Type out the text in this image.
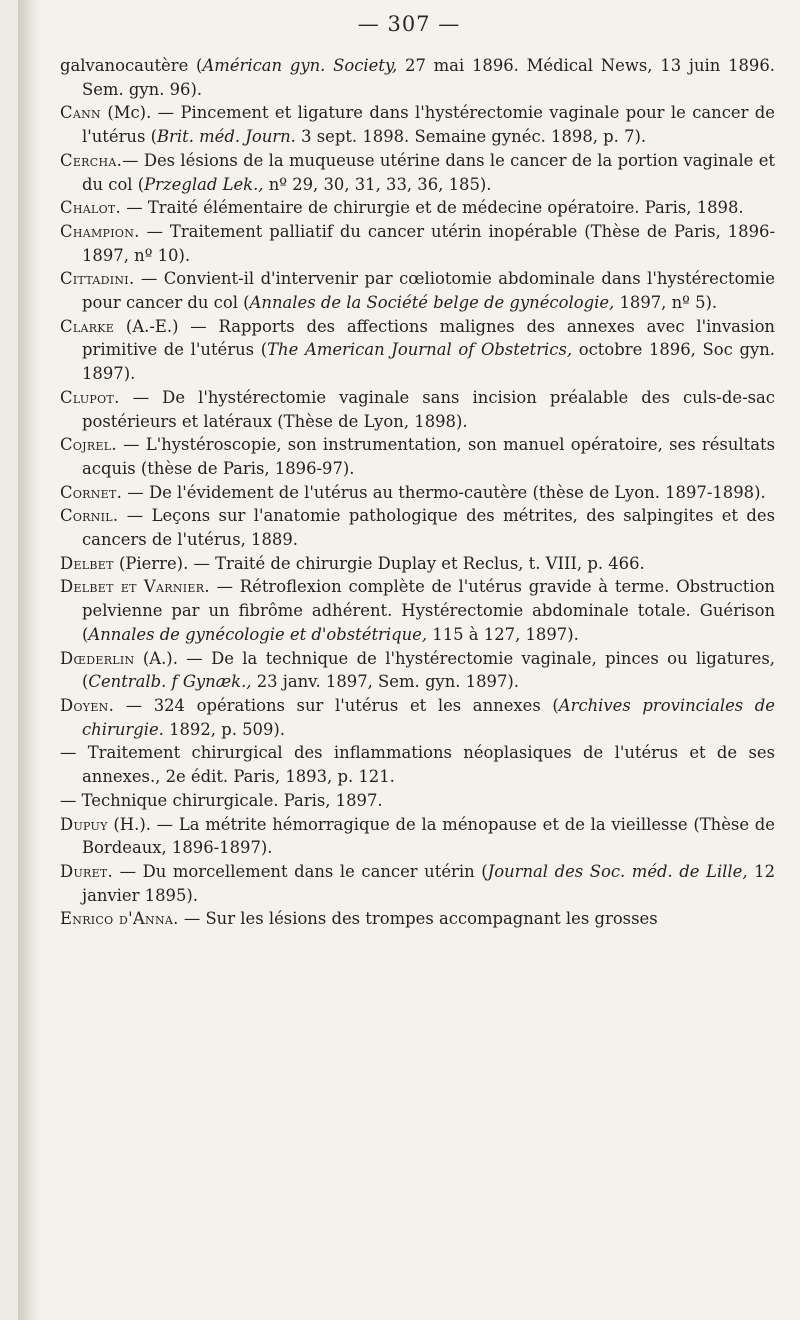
— 307 —
galvanocautère (Américan gyn. Society, 27 mai 1896. Médical News, 13 juin 1896. Sem. gyn. 96).
Cann (Mc). — Pincement et ligature dans l'hystérectomie vaginale pour le cancer de l'utérus (Brit. méd. Journ. 3 sept. 1898. Semaine gynéc. 1898, p. 7).
Cercha.— Des lésions de la muqueuse utérine dans le cancer de la portion vaginale et du col (Przeglad Lek., nº 29, 30, 31, 33, 36, 185).
Chalot. — Traité élémentaire de chirurgie et de médecine opératoire. Paris, 1898.
Champion. — Traitement palliatif du cancer utérin inopérable (Thèse de Paris, 1896-1897, nº 10).
Cittadini. — Convient-il d'intervenir par cœliotomie abdominale dans l'hystérectomie pour cancer du col (Annales de la Société belge de gynécologie, 1897, nº 5).
Clarke (A.-E.) — Rapports des affections malignes des annexes avec l'invasion primitive de l'utérus (The American Journal of Obstetrics, octobre 1896, Soc gyn. 1897).
Clupot. — De l'hystérectomie vaginale sans incision préalable des culs-de-sac postérieurs et latéraux (Thèse de Lyon, 1898).
Cojrel. — L'hystéroscopie, son instrumentation, son manuel opératoire, ses résultats acquis (thèse de Paris, 1896-97).
Cornet. — De l'évidement de l'utérus au thermo-cautère (thèse de Lyon. 1897-1898).
Cornil. — Leçons sur l'anatomie pathologique des métrites, des salpingites et des cancers de l'utérus, 1889.
Delbet (Pierre). — Traité de chirurgie Duplay et Reclus, t. VIII, p. 466.
Delbet et Varnier. — Rétroflexion complète de l'utérus gravide à terme. Obstruction pelvienne par un fibrôme adhérent. Hystérectomie abdominale totale. Guérison (Annales de gynécologie et d'obstétrique, 115 à 127, 1897).
Dœderlin (A.). — De la technique de l'hystérectomie vaginale, pinces ou ligatures, (Centralb. f Gynæk., 23 janv. 1897, Sem. gyn. 1897).
Doyen. — 324 opérations sur l'utérus et les annexes (Archives provinciales de chirurgie. 1892, p. 509).
— Traitement chirurgical des inflammations néoplasiques de l'utérus et de ses annexes., 2e édit. Paris, 1893, p. 121.
— Technique chirurgicale. Paris, 1897.
Dupuy (H.). — La métrite hémorragique de la ménopause et de la vieillesse (Thèse de Bordeaux, 1896-1897).
Duret. — Du morcellement dans le cancer utérin (Journal des Soc. méd. de Lille, 12 janvier 1895).
Enrico d'Anna. — Sur les lésions des trompes accompagnant les grosses
